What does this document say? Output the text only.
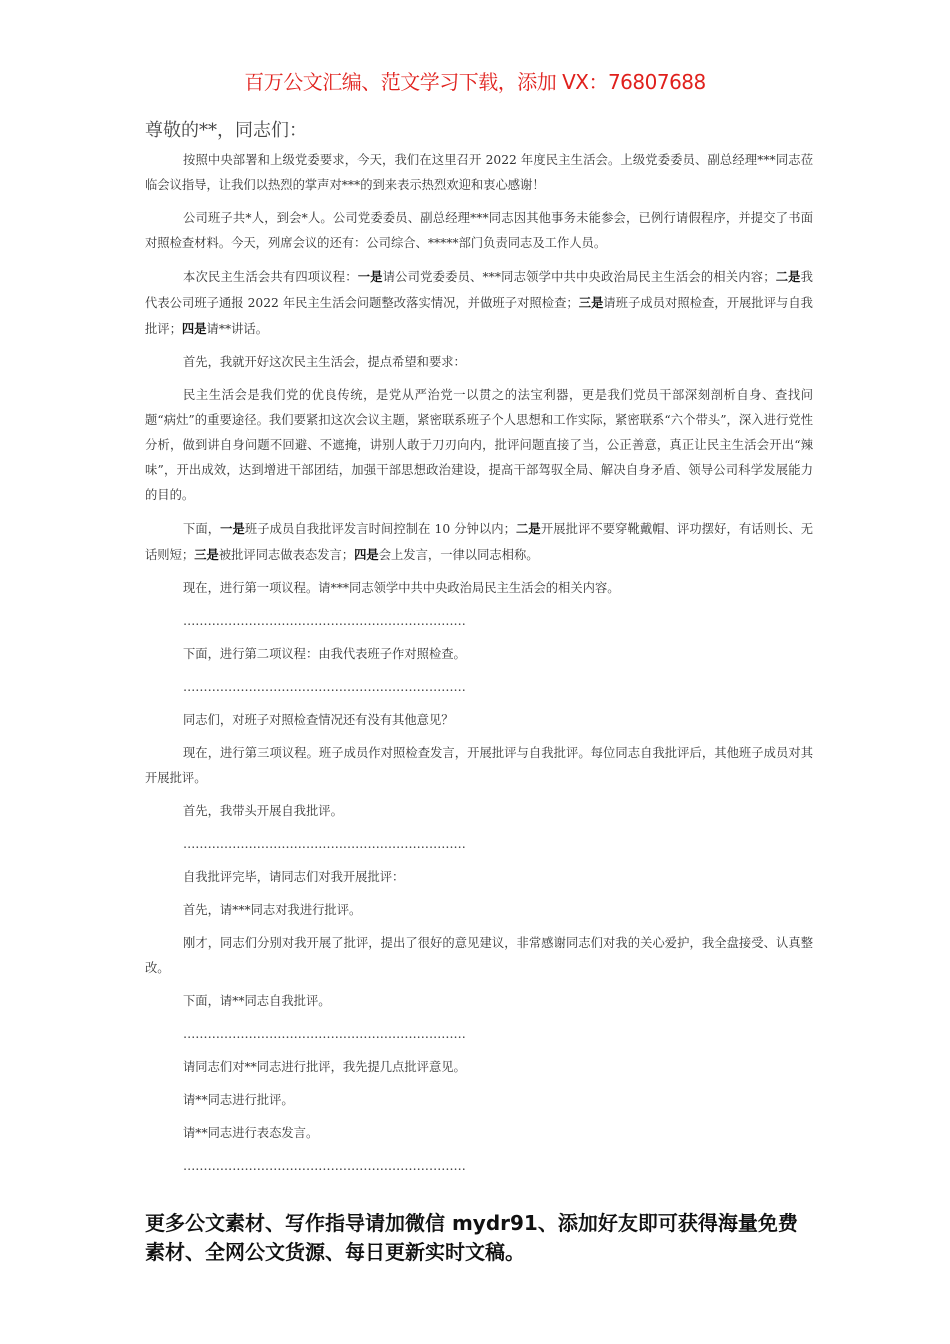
百万公文汇编、范文学习下载，添加 VX：76807688
尊敬的**，同志们：

按照中央部署和上级党委要求，今天，我们在这里召开 2022 年度民主生活会。上级党委委员、副总经理***同志莅临会议指导，让我们以热烈的掌声对***的到来表示热烈欢迎和衷心感谢！

公司班子共*人，到会*人。公司党委委员、副总经理***同志因其他事务未能参会，已例行请假程序，并提交了书面对照检查材料。今天，列席会议的还有：公司综合、*****部门负责同志及工作人员。

本次民主生活会共有四项议程：一是请公司党委委员、***同志领学中共中央政治局民主生活会的相关内容；二是我代表公司班子通报 2022 年民主生活会问题整改落实情况，并做班子对照检查；三是请班子成员对照检查，开展批评与自我批评；四是请**讲话。

首先，我就开好这次民主生活会，提点希望和要求：

民主生活会是我们党的优良传统，是党从严治党一以贯之的法宝利器，更是我们党员干部深刻剖析自身、查找问题“病灶”的重要途径。我们要紧扣这次会议主题，紧密联系班子个人思想和工作实际，紧密联系“六个带头”，深入进行党性分析，做到讲自身问题不回避、不遮掩，讲别人敢于刀刃向内，批评问题直接了当，公正善意，真正让民主生活会开出“辣味”，开出成效，达到增进干部团结，加强干部思想政治建设，提高干部驾驭全局、解决自身矛盾、领导公司科学发展能力的目的。

下面，一是班子成员自我批评发言时间控制在 10 分钟以内；二是开展批评不要穿靴戴帽、评功摆好，有话则长、无话则短；三是被批评同志做表态发言；四是会上发言，一律以同志相称。

现在，进行第一项议程。请***同志领学中共中央政治局民主生活会的相关内容。

……………………………………………………………

下面，进行第二项议程：由我代表班子作对照检查。

……………………………………………………………

同志们，对班子对照检查情况还有没有其他意见？

现在，进行第三项议程。班子成员作对照检查发言，开展批评与自我批评。每位同志自我批评后，其他班子成员对其开展批评。

首先，我带头开展自我批评。

……………………………………………………………

自我批评完毕，请同志们对我开展批评：

首先，请***同志对我进行批评。

刚才，同志们分别对我开展了批评，提出了很好的意见建议，非常感谢同志们对我的关心爱护，我全盘接受、认真整改。

下面，请**同志自我批评。

……………………………………………………………

请同志们对**同志进行批评，我先提几点批评意见。

请**同志进行批评。

请**同志进行表态发言。

……………………………………………………………

更多公文素材、写作指导请加微信 mydr91、添加好友即可获得海量免费素材、全网公文货源、每日更新实时文稿。
